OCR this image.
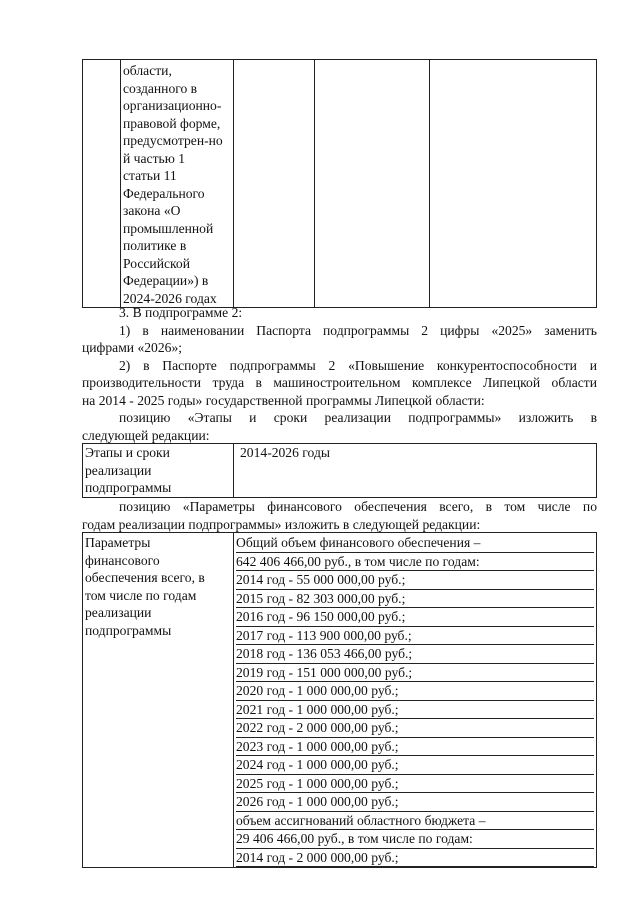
области,
созданного в
организационно-
правовой форме,
предусмотрен-но
й частью 1
статьи 11
Федерального
закона «О
промышленной
политике в
Российской
Федерации») в
2024-2026 годах

3. В подпрограмме 2:
1) в наименовании Паспорта подпрограммы 2 цифры «2025» заменить
цифрами «2026»;
2) в Паспорте подпрограммы 2 «Повышение конкурентоспособности и
производительности труда в машиностроительном комплексе Липецкой области
на 2014 - 2025 годы» государственной программы Липецкой области:
позицию «Этапы и сроки реализации подпрограммы» изложить в
следующей редакции:
Этапы и сроки
реализации
подпрограммы

2014-2026 годы
позицию «Параметры финансового обеспечения всего, в том числе по
годам реализации подпрограммы» изложить в следующей редакции:
Параметры
финансового
обеспечения всего, в
том числе по годам
реализации
подпрограммы

Общий объем финансового обеспечения –
642 406 466,00 руб., в том числе по годам:
2014 год - 55 000 000,00 руб.;
2015 год - 82 303 000,00 руб.;
2016 год - 96 150 000,00 руб.;
2017 год - 113 900 000,00 руб.;
2018 год - 136 053 466,00 руб.;
2019 год - 151 000 000,00 руб.;
2020 год - 1 000 000,00 руб.;
2021 год - 1 000 000,00 руб.;
2022 год - 2 000 000,00 руб.;
2023 год - 1 000 000,00 руб.;
2024 год - 1 000 000,00 руб.;
2025 год - 1 000 000,00 руб.;
2026 год - 1 000 000,00 руб.;
объем ассигнований областного бюджета –
29 406 466,00 руб., в том числе по годам:
2014 год - 2 000 000,00 руб.;
